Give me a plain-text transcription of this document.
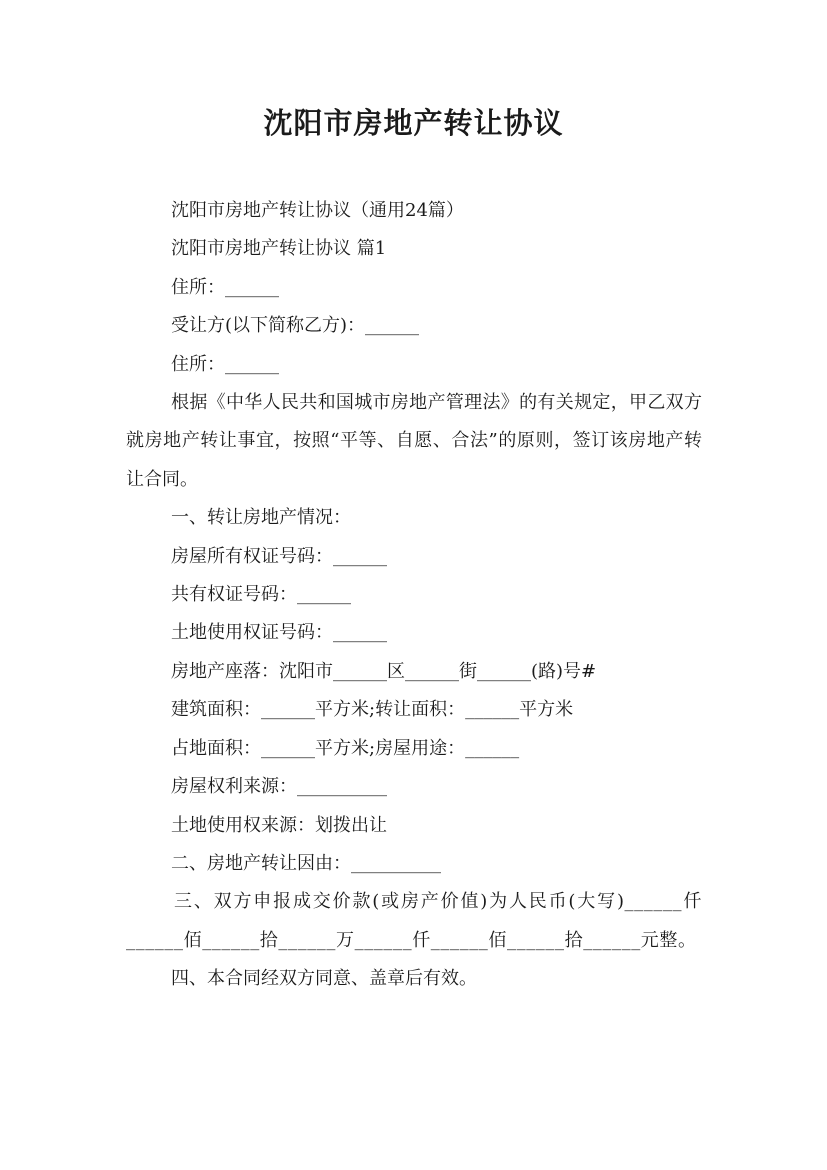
沈阳市房地产转让协议

沈阳市房地产转让协议（通用24篇）

沈阳市房地产转让协议 篇1

住所：______

受让方(以下简称乙方)：______

住所：______

根据《中华人民共和国城市房地产管理法》的有关规定，甲乙双方就房地产转让事宜，按照“平等、自愿、合法”的原则，签订该房地产转让合同。

一、转让房地产情况：

房屋所有权证号码：______

共有权证号码：______

土地使用权证号码：______

房地产座落：沈阳市______区______街______(路)号#

建筑面积：______平方米;转让面积：______平方米

占地面积：______平方米;房屋用途：______

房屋权利来源：__________

土地使用权来源：划拨出让

二、房地产转让因由：__________

三、双方申报成交价款(或房产价值)为人民币(大写)______仟______佰______拾______万______仟______佰______拾______元整。

四、本合同经双方同意、盖章后有效。
